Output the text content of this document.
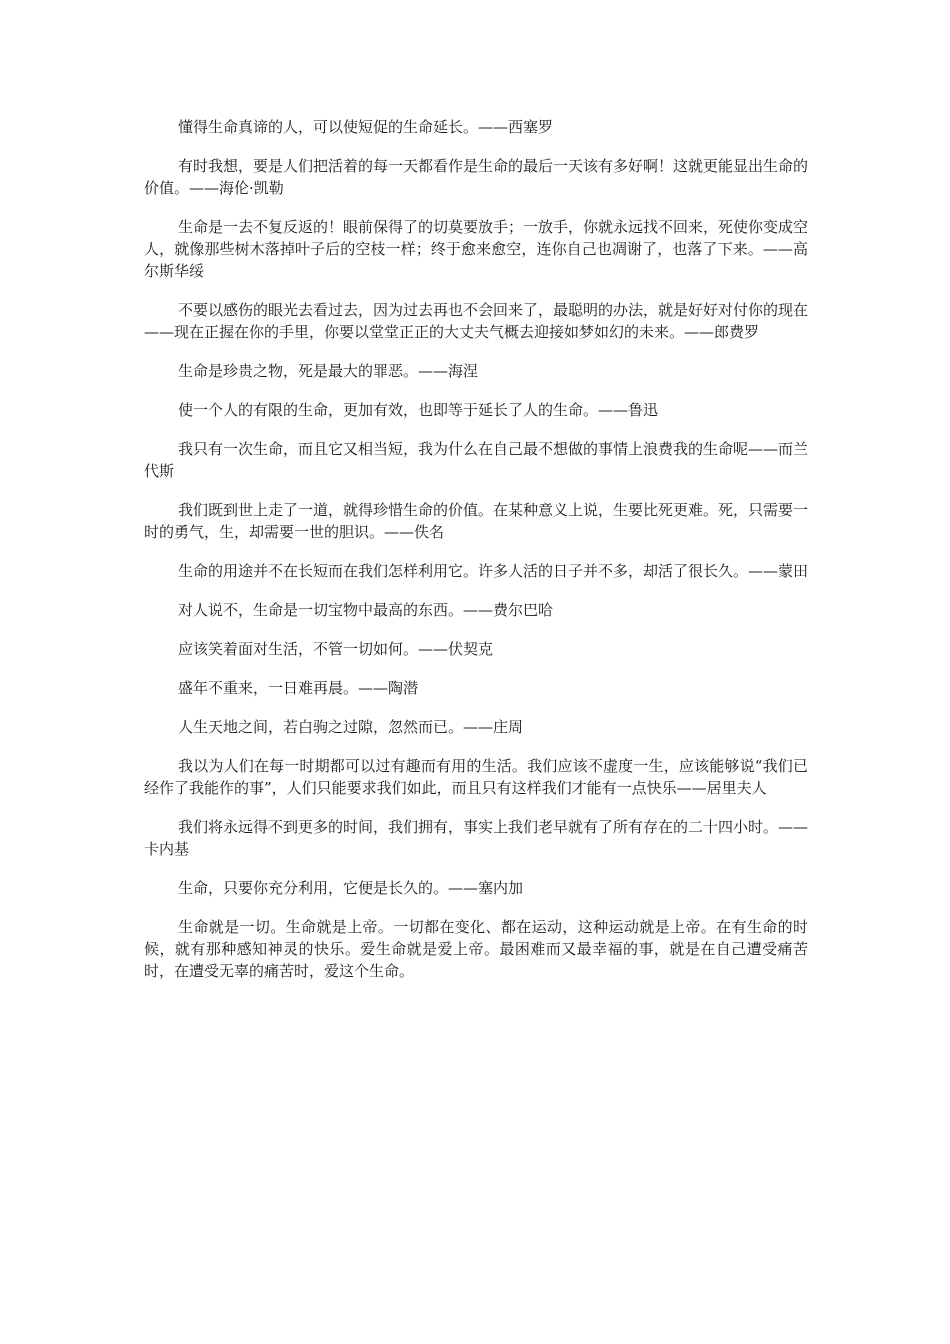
懂得生命真谛的人，可以使短促的生命延长。——西塞罗

有时我想，要是人们把活着的每一天都看作是生命的最后一天该有多好啊！这就更能显出生命的价值。——海伦·凯勒

生命是一去不复反返的！眼前保得了的切莫要放手；一放手，你就永远找不回来，死使你变成空人，就像那些树木落掉叶子后的空枝一样；终于愈来愈空，连你自己也凋谢了，也落了下来。——高尔斯华绥

不要以感伤的眼光去看过去，因为过去再也不会回来了，最聪明的办法，就是好好对付你的现在——现在正握在你的手里，你要以堂堂正正的大丈夫气概去迎接如梦如幻的未来。——郎费罗

生命是珍贵之物，死是最大的罪恶。——海涅

使一个人的有限的生命，更加有效，也即等于延长了人的生命。——鲁迅

我只有一次生命，而且它又相当短，我为什么在自己最不想做的事情上浪费我的生命呢——而兰代斯

我们既到世上走了一道，就得珍惜生命的价值。在某种意义上说，生要比死更难。死，只需要一时的勇气，生，却需要一世的胆识。——佚名

生命的用途并不在长短而在我们怎样利用它。许多人活的日子并不多，却活了很长久。——蒙田

对人说不，生命是一切宝物中最高的东西。——费尔巴哈

应该笑着面对生活，不管一切如何。——伏契克

盛年不重来，一日难再晨。——陶潜

人生天地之间，若白驹之过隙，忽然而已。——庄周

我以为人们在每一时期都可以过有趣而有用的生活。我们应该不虚度一生，应该能够说“我们已经作了我能作的事”，人们只能要求我们如此，而且只有这样我们才能有一点快乐——居里夫人

我们将永远得不到更多的时间，我们拥有，事实上我们老早就有了所有存在的二十四小时。——卡内基

生命，只要你充分利用，它便是长久的。——塞内加

生命就是一切。生命就是上帝。一切都在变化、都在运动，这种运动就是上帝。在有生命的时候，就有那种感知神灵的快乐。爱生命就是爱上帝。最困难而又最幸福的事，就是在自己遭受痛苦时，在遭受无辜的痛苦时，爱这个生命。
